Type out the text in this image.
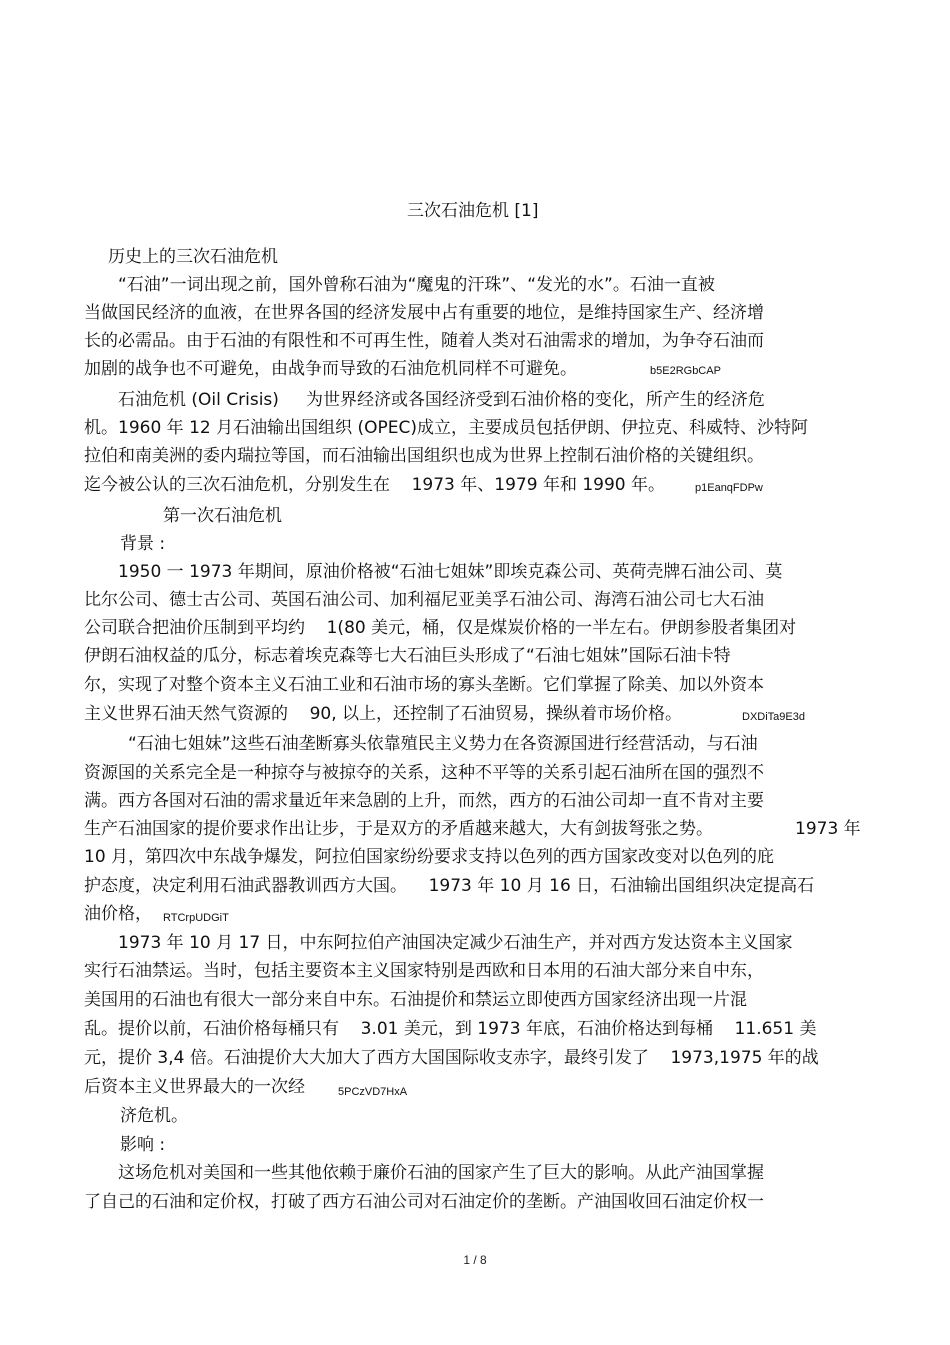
三次石油危机 [1]

历史上的三次石油危机

“石油”一词出现之前，国外曾称石油为“魔鬼的汗珠”、“发光的水”。石油一直被

当做国民经济的血液，在世界各国的经济发展中占有重要的地位，是维持国家生产、经济增

长的必需品。由于石油的有限性和不可再生性，随着人类对石油需求的增加，为争夺石油而

加剧的战争也不可避免，由战争而导致的石油危机同样不可避免。	b5E2RGbCAP

石油危机 (Oil Crisis)     为世界经济或各国经济受到石油价格的变化，所产生的经济危

机。1960 年 12 月石油输出国组织 (OPEC)成立，主要成员包括伊朗、伊拉克、科威特、沙特阿

拉伯和南美洲的委内瑞拉等国，而石油输出国组织也成为世界上控制石油价格的关键组织。

迄今被公认的三次石油危机，分别发生在    1973 年、1979 年和 1990 年。	p1EanqFDPw

第一次石油危机

背景 :

1950 一 1973 年期间，原油价格被“石油七姐妹”即埃克森公司、英荷壳牌石油公司、莫

比尔公司、德士古公司、英国石油公司、加利福尼亚美孚石油公司、海湾石油公司七大石油

公司联合把油价压制到平均约    1(80 美元，桶，仅是煤炭价格的一半左右。伊朗参股者集团对

伊朗石油权益的瓜分，标志着埃克森等七大石油巨头形成了“石油七姐妹”国际石油卡特

尔，实现了对整个资本主义石油工业和石油市场的寡头垄断。它们掌握了除美、加以外资本

主义世界石油天然气资源的    90, 以上，还控制了石油贸易，操纵着市场价格。	DXDiTa9E3d

“石油七姐妹”这些石油垄断寡头依靠殖民主义势力在各资源国进行经营活动，与石油

资源国的关系完全是一种掠夺与被掠夺的关系，这种不平等的关系引起石油所在国的强烈不

满。西方各国对石油的需求量近年来急剧的上升，而然，西方的石油公司却一直不肯对主要

生产石油国家的提价要求作出让步，于是双方的矛盾越来越大，大有剑拔弩张之势。	1973 年

10 月，第四次中东战争爆发，阿拉伯国家纷纷要求支持以色列的西方国家改变对以色列的庇

护态度，决定利用石油武器教训西方大国。    1973 年 10 月 16 日，石油输出国组织决定提高石

油价格， RTCrpUDGiT

1973 年 10 月 17 日，中东阿拉伯产油国决定减少石油生产，并对西方发达资本主义国家

实行石油禁运。当时，包括主要资本主义国家特别是西欧和日本用的石油大部分来自中东，

美国用的石油也有很大一部分来自中东。石油提价和禁运立即使西方国家经济出现一片混

乱。提价以前，石油价格每桶只有    3.01 美元，到 1973 年底，石油价格达到每桶    11.651 美

元，提价 3,4 倍。石油提价大大加大了西方大国国际收支赤字，最终引发了    1973,1975 年的战

后资本主义世界最大的一次经	5PCzVD7HxA

济危机。

影响 :

这场危机对美国和一些其他依赖于廉价石油的国家产生了巨大的影响。从此产油国掌握

了自己的石油和定价权，打破了西方石油公司对石油定价的垄断。产油国收回石油定价权一

1 / 8
